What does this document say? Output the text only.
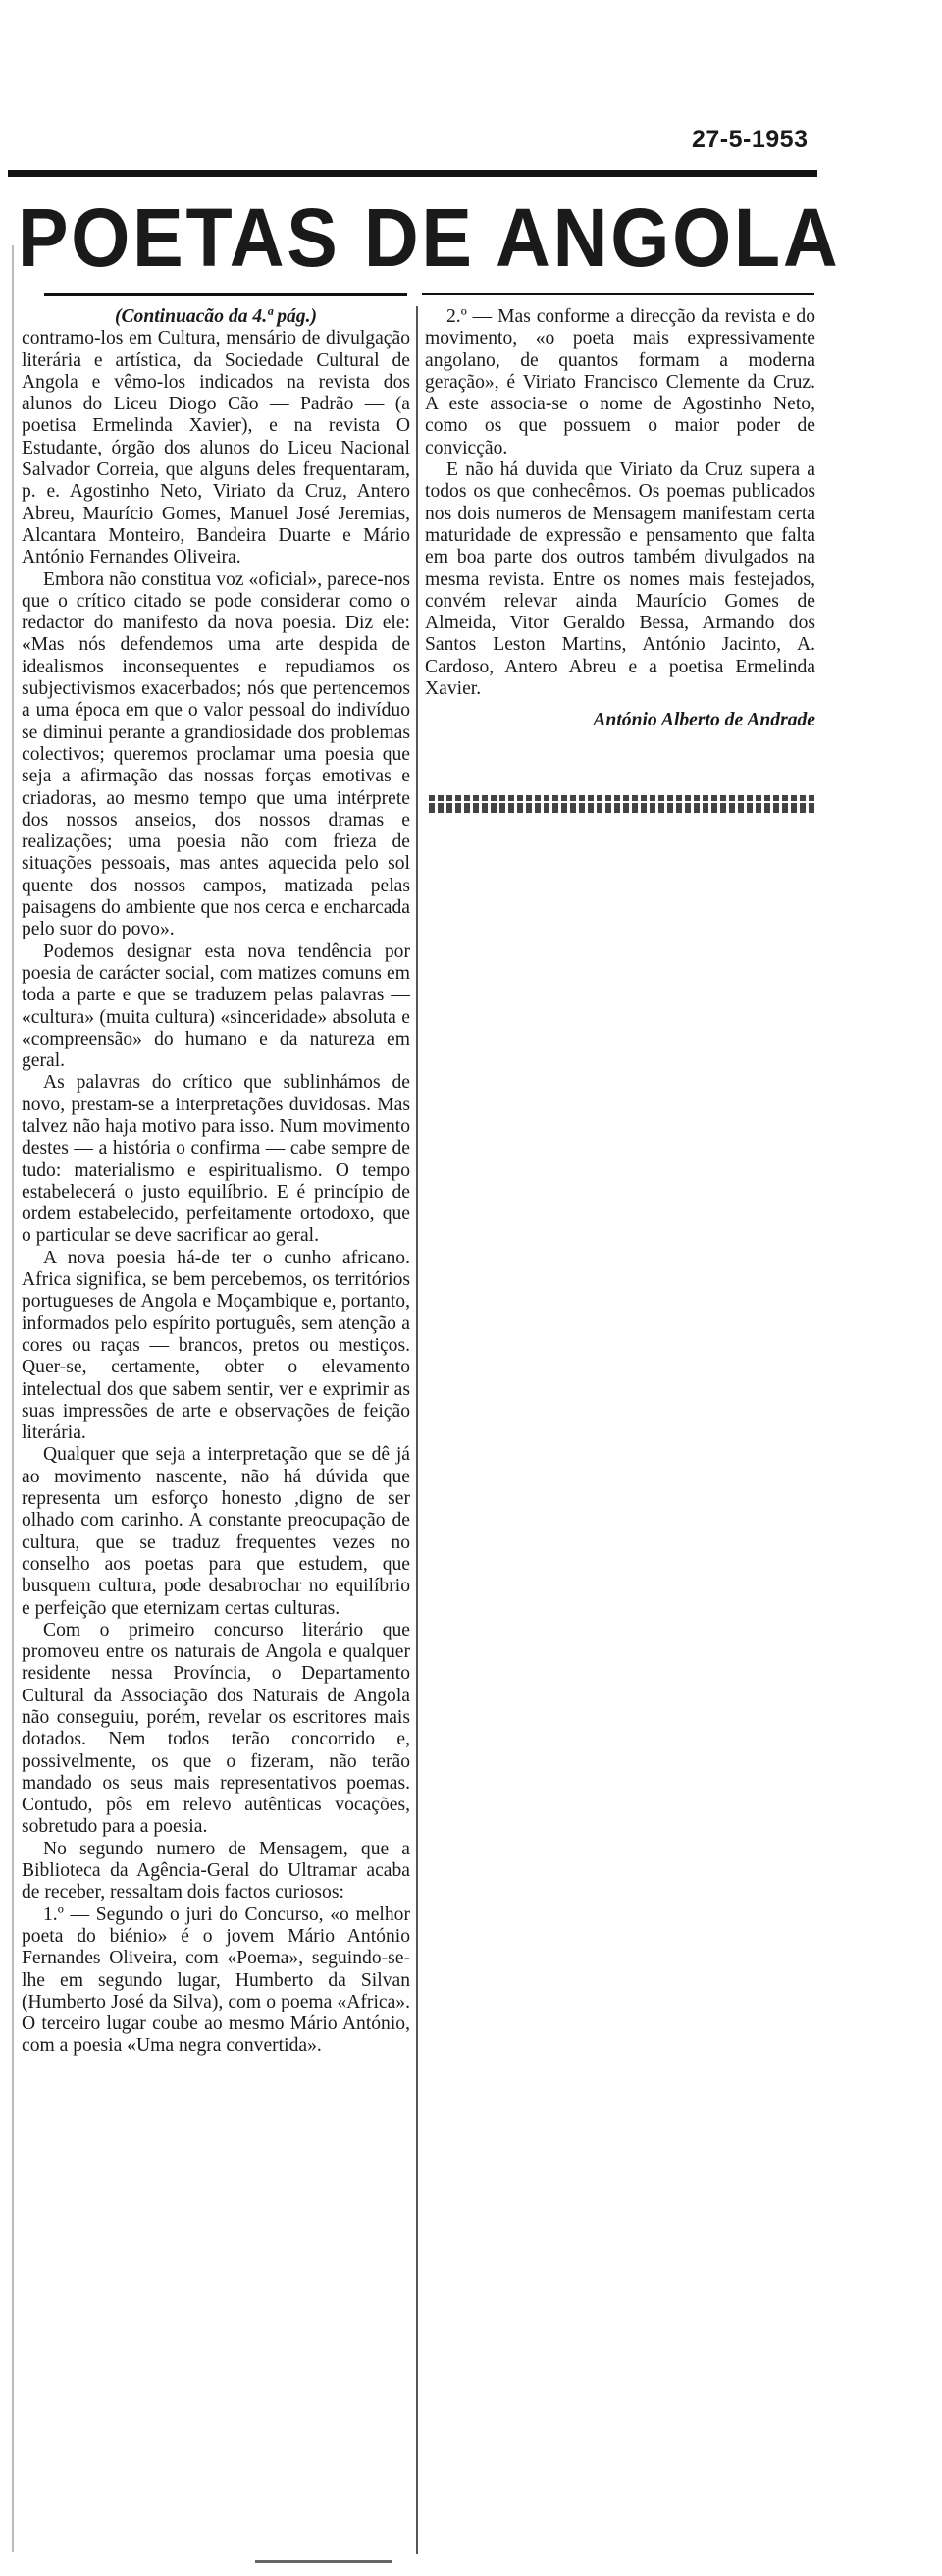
27-5-1953
POETAS DE ANGOLA

(Continuacão da 4.ª pág.)

contramo-los em Cultura, mensário de divulgação literária e artística, da Sociedade Cultural de Angola e vêmo-los indicados na revista dos alunos do Liceu Diogo Cão — Padrão — (a poetisa Ermelinda Xavier), e na revista O Estudante, órgão dos alunos do Liceu Nacional Salvador Correia, que alguns deles frequentaram, p. e. Agostinho Neto, Viriato da Cruz, Antero Abreu, Maurício Gomes, Manuel José Jeremias, Alcantara Monteiro, Bandeira Duarte e Mário António Fernandes Oliveira.

Embora não constitua voz «oficial», parece-nos que o crítico citado se pode considerar como o redactor do manifesto da nova poesia. Diz ele: «Mas nós defendemos uma arte despida de idealismos inconsequentes e repudiamos os subjectivismos exacerbados; nós que pertencemos a uma época em que o valor pessoal do indivíduo se diminui perante a grandiosidade dos problemas colectivos; queremos proclamar uma poesia que seja a afirmação das nossas forças emotivas e criadoras, ao mesmo tempo que uma intérprete dos nossos anseios, dos nossos dramas e realizações; uma poesia não com frieza de situações pessoais, mas antes aquecida pelo sol quente dos nossos campos, matizada pelas paisagens do ambiente que nos cerca e encharcada pelo suor do povo».

Podemos designar esta nova tendência por poesia de carácter social, com matizes comuns em toda a parte e que se traduzem pelas palavras — «cultura» (muita cultura) «sinceridade» absoluta e «compreensão» do humano e da natureza em geral.

As palavras do crítico que sublinhámos de novo, prestam-se a interpretações duvidosas. Mas talvez não haja motivo para isso. Num movimento destes — a história o confirma — cabe sempre de tudo: materialismo e espiritualismo. O tempo estabelecerá o justo equilíbrio. E é princípio de ordem estabelecido, perfeitamente ortodoxo, que o particular se deve sacrificar ao geral.

A nova poesia há-de ter o cunho africano. Africa significa, se bem percebemos, os territórios portugueses de Angola e Moçambique e, portanto, informados pelo espírito português, sem atenção a cores ou raças — brancos, pretos ou mestiços. Quer-se, certamente, obter o elevamento intelectual dos que sabem sentir, ver e exprimir as suas impressões de arte e observações de feição literária.

Qualquer que seja a interpretação que se dê já ao movimento nascente, não há dúvida que representa um esforço honesto ,digno de ser olhado com carinho. A constante preocupação de cultura, que se traduz frequentes vezes no conselho aos poetas para que estudem, que busquem cultura, pode desabrochar no equilíbrio e perfeição que eternizam certas culturas.

Com o primeiro concurso literário que promoveu entre os naturais de Angola e qualquer residente nessa Província, o Departamento Cultural da Associação dos Naturais de Angola não conseguiu, porém, revelar os escritores mais dotados. Nem todos terão concorrido e, possivelmente, os que o fizeram, não terão mandado os seus mais representativos poemas. Contudo, pôs em relevo autênticas vocações, sobretudo para a poesia.

No segundo numero de Mensagem, que a Biblioteca da Agência-Geral do Ultramar acaba de receber, ressaltam dois factos curiosos:

1.º — Segundo o juri do Concurso, «o melhor poeta do biénio» é o jovem Mário António Fernandes Oliveira, com «Poema», seguindo-se-lhe em segundo lugar, Humberto da Silvan (Humberto José da Silva), com o poema «Africa». O terceiro lugar coube ao mesmo Mário António, com a poesia «Uma negra convertida».

2.º — Mas conforme a direcção da revista e do movimento, «o poeta mais expressivamente angolano, de quantos formam a moderna geração», é Viriato Francisco Clemente da Cruz. A este associa-se o nome de Agostinho Neto, como os que possuem o maior poder de convicção.

E não há duvida que Viriato da Cruz supera a todos os que conhecêmos. Os poemas publicados nos dois numeros de Mensagem manifestam certa maturidade de expressão e pensamento que falta em boa parte dos outros também divulgados na mesma revista. Entre os nomes mais festejados, convém relevar ainda Maurício Gomes de Almeida, Vitor Geraldo Bessa, Armando dos Santos Leston Martins, António Jacinto, A. Cardoso, Antero Abreu e a poetisa Ermelinda Xavier.

António Alberto de Andrade
